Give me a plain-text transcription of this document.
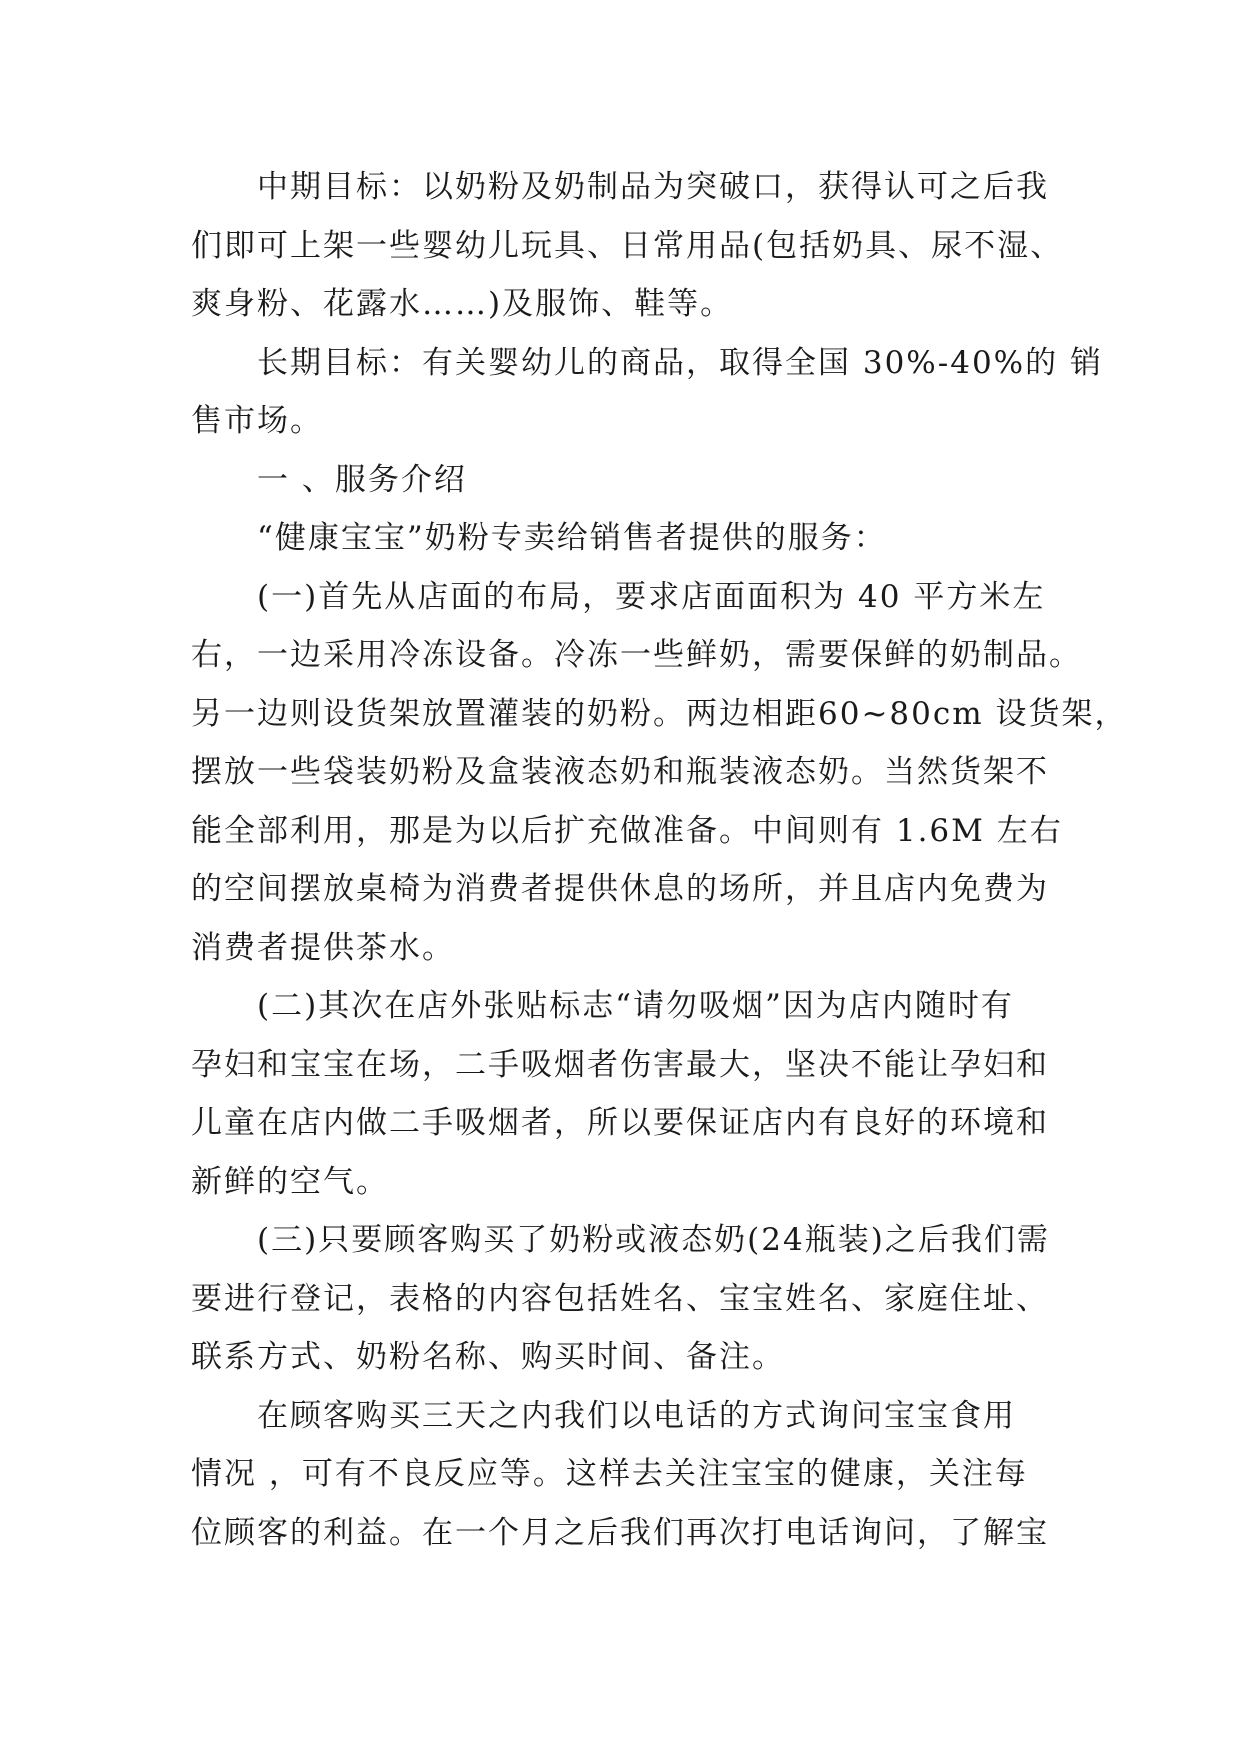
中期目标：以奶粉及奶制品为突破口，获得认可之后我
们即可上架一些婴幼儿玩具、日常用品(包括奶具、尿不湿、
爽身粉、花露水……)及服饰、鞋等。
长期目标：有关婴幼儿的商品，取得全国 30%-40%的 销
售市场。
一 、服务介绍
“健康宝宝”奶粉专卖给销售者提供的服务：
(一)首先从店面的布局，要求店面面积为 40 平方米左
右，一边采用冷冻设备。冷冻一些鲜奶，需要保鲜的奶制品。
另一边则设货架放置灌装的奶粉。两边相距60~80cm 设货架，
摆放一些袋装奶粉及盒装液态奶和瓶装液态奶。当然货架不
能全部利用，那是为以后扩充做准备。中间则有 1.6M 左右
的空间摆放桌椅为消费者提供休息的场所，并且店内免费为
消费者提供茶水。
(二)其次在店外张贴标志“请勿吸烟”因为店内随时有
孕妇和宝宝在场，二手吸烟者伤害最大，坚决不能让孕妇和
儿童在店内做二手吸烟者，所以要保证店内有良好的环境和
新鲜的空气。
(三)只要顾客购买了奶粉或液态奶(24瓶装)之后我们需
要进行登记，表格的内容包括姓名、宝宝姓名、家庭住址、
联系方式、奶粉名称、购买时间、备注。
在顾客购买三天之内我们以电话的方式询问宝宝食用
情况 ，可有不良反应等。这样去关注宝宝的健康，关注每
位顾客的利益。在一个月之后我们再次打电话询问，了解宝
